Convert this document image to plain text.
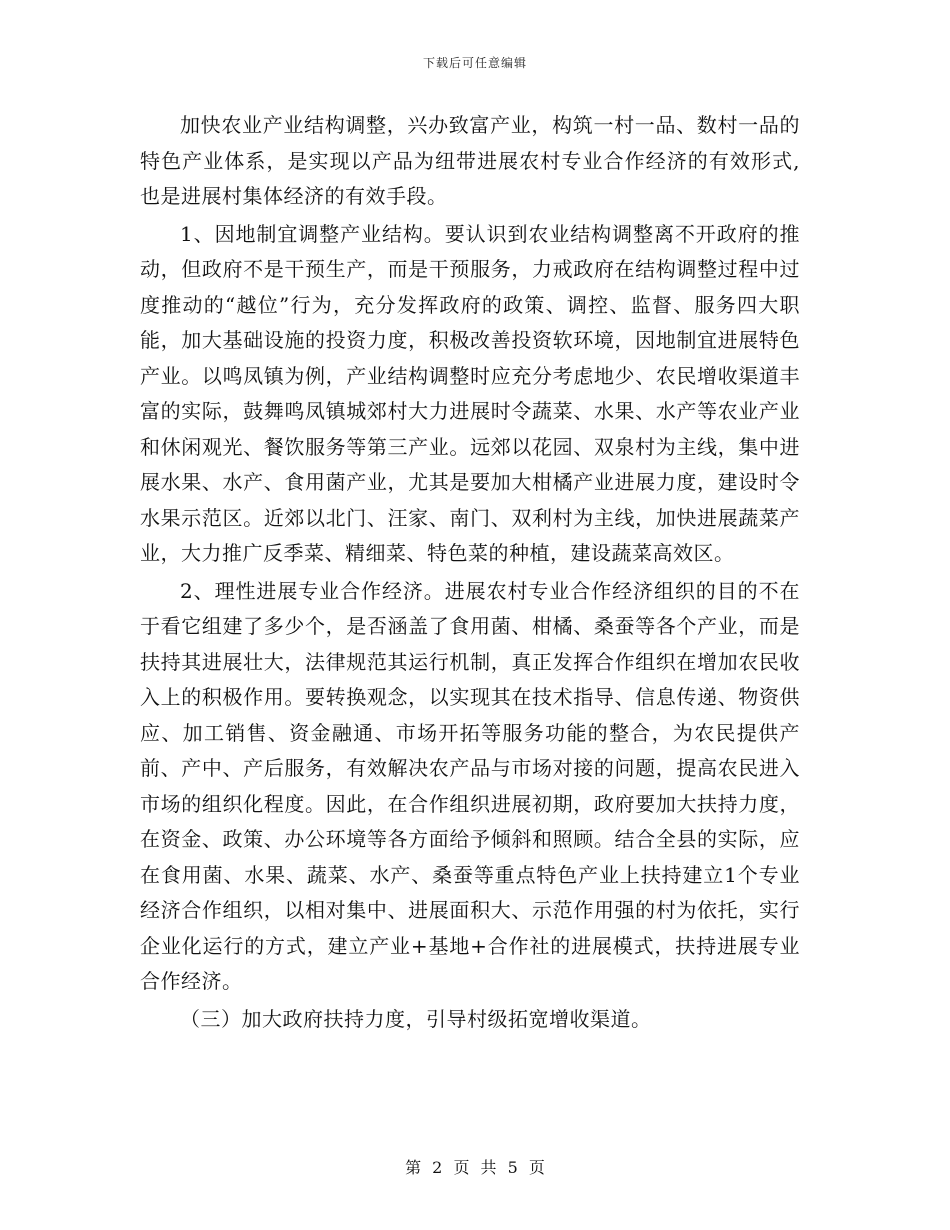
下载后可任意编辑

加快农业产业结构调整，兴办致富产业，构筑一村一品、数村一品的特色产业体系，是实现以产品为纽带进展农村专业合作经济的有效形式,也是进展村集体经济的有效手段。

1、因地制宜调整产业结构。要认识到农业结构调整离不开政府的推动，但政府不是干预生产，而是干预服务，力戒政府在结构调整过程中过度推动的“越位”行为，充分发挥政府的政策、调控、监督、服务四大职能，加大基础设施的投资力度，积极改善投资软环境，因地制宜进展特色产业。以鸣凤镇为例，产业结构调整时应充分考虑地少、农民增收渠道丰富的实际，鼓舞鸣凤镇城郊村大力进展时令蔬菜、水果、水产等农业产业和休闲观光、餐饮服务等第三产业。远郊以花园、双泉村为主线，集中进展水果、水产、食用菌产业，尤其是要加大柑橘产业进展力度，建设时令水果示范区。近郊以北门、汪家、南门、双利村为主线，加快进展蔬菜产业，大力推广反季菜、精细菜、特色菜的种植，建设蔬菜高效区。

2、理性进展专业合作经济。进展农村专业合作经济组织的目的不在于看它组建了多少个，是否涵盖了食用菌、柑橘、桑蚕等各个产业，而是扶持其进展壮大，法律规范其运行机制，真正发挥合作组织在增加农民收入上的积极作用。要转换观念，以实现其在技术指导、信息传递、物资供应、加工销售、资金融通、市场开拓等服务功能的整合，为农民提供产前、产中、产后服务，有效解决农产品与市场对接的问题，提高农民进入市场的组织化程度。因此，在合作组织进展初期，政府要加大扶持力度，在资金、政策、办公环境等各方面给予倾斜和照顾。结合全县的实际，应在食用菌、水果、蔬菜、水产、桑蚕等重点特色产业上扶持建立1个专业经济合作组织，以相对集中、进展面积大、示范作用强的村为依托，实行企业化运行的方式，建立产业+基地+合作社的进展模式，扶持进展专业合作经济。

（三）加大政府扶持力度，引导村级拓宽增收渠道。

第 2 页 共 5 页
